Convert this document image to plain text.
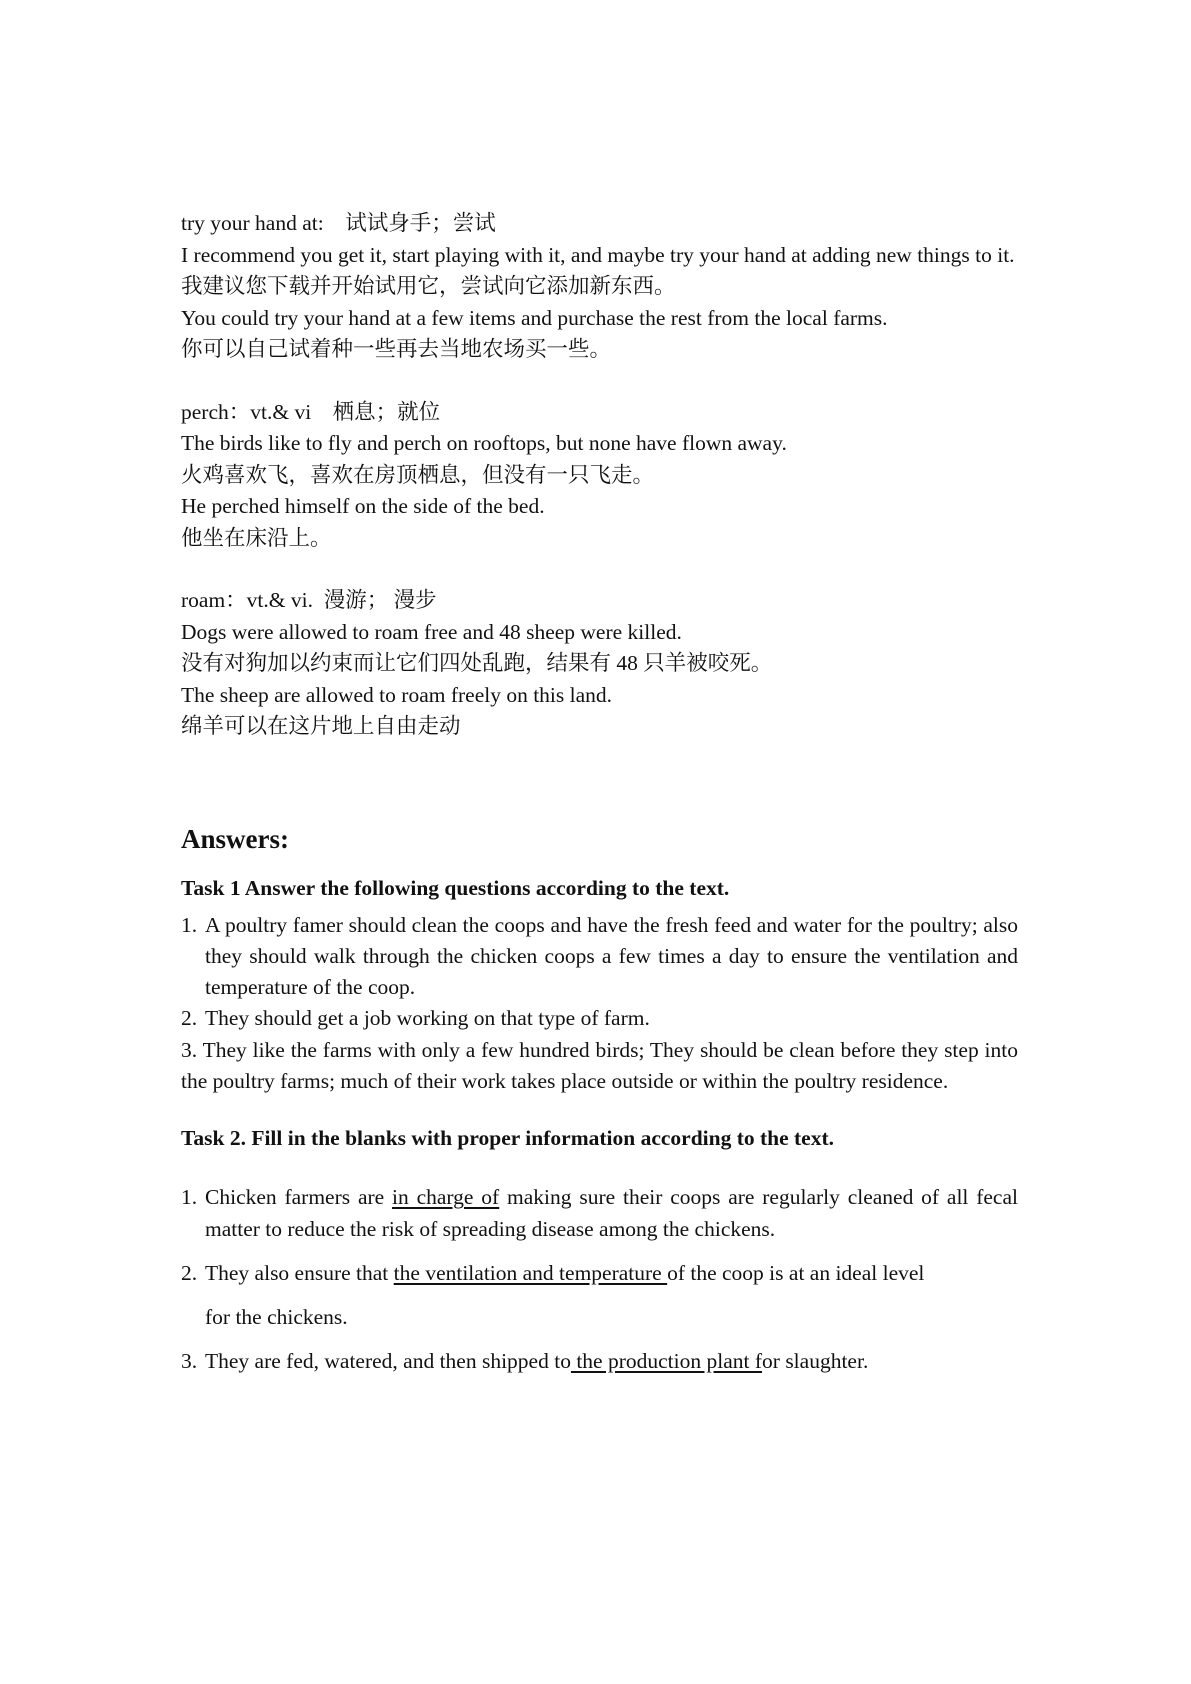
try your hand at: 试试身手；尝试

I recommend you get it, start playing with it, and maybe try your hand at adding new things to it.

我建议您下载并开始试用它，尝试向它添加新东西。

You could try your hand at a few items and purchase the rest from the local farms.

你可以自己试着种一些再去当地农场买一些。

perch：vt.& vi 栖息；就位

The birds like to fly and perch on rooftops, but none have flown away.

火鸡喜欢飞，喜欢在房顶栖息，但没有一只飞走。

He perched himself on the side of the bed.

他坐在床沿上。

roam：vt.& vi. 漫游； 漫步

Dogs were allowed to roam free and 48 sheep were killed.

没有对狗加以约束而让它们四处乱跑，结果有 48 只羊被咬死。

The sheep are allowed to roam freely on this land.

绵羊可以在这片地上自由走动

Answers:

Task 1 Answer the following questions according to the text.

1. A poultry famer should clean the coops and have the fresh feed and water for the poultry; also they should walk through the chicken coops a few times a day to ensure the ventilation and temperature of the coop.
2. They should get a job working on that type of farm.
3. They like the farms with only a few hundred birds; They should be clean before they step into the poultry farms; much of their work takes place outside or within the poultry residence.

Task 2. Fill in the blanks with proper information according to the text.

1. Chicken farmers are in charge of making sure their coops are regularly cleaned of all fecal matter to reduce the risk of spreading disease among the chickens.
2. They also ensure that the ventilation and temperature of the coop is at an ideal level
for the chickens.
3. They are fed, watered, and then shipped to the production plant for slaughter.
